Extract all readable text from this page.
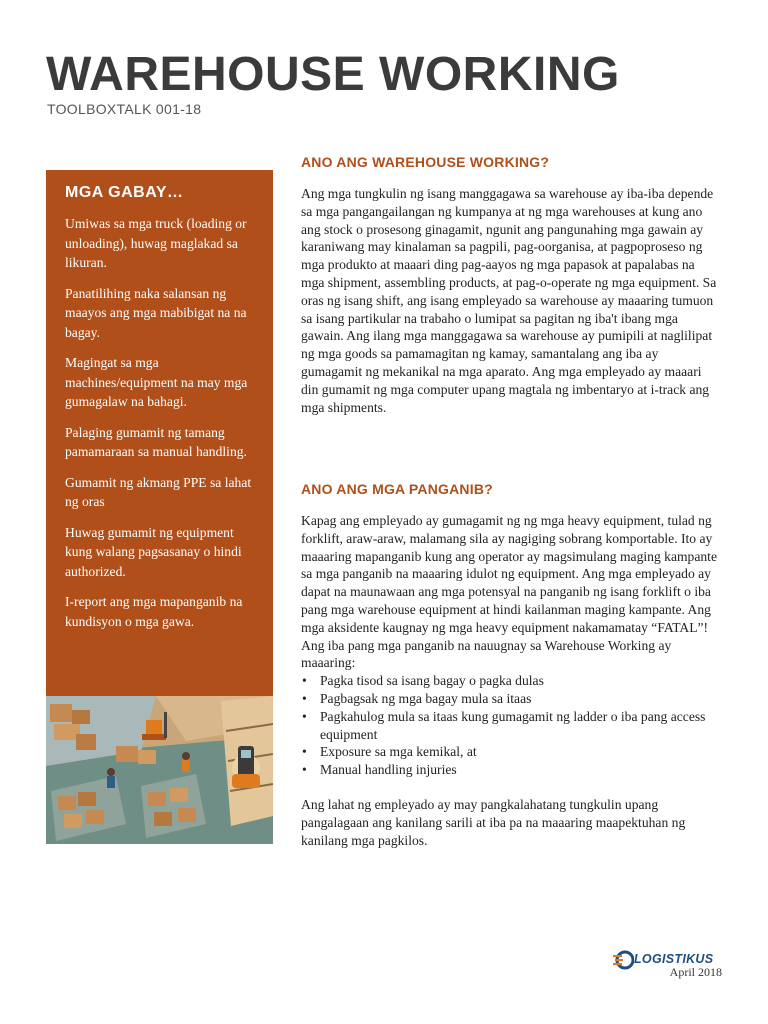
WAREHOUSE WORKING
TOOLBOXTALK 001-18
MGA GABAY…

Umiwas sa mga truck (loading or unloading), huwag maglakad sa likuran.

Panatilihing naka salansan ng maayos ang mga mabibigat na na bagay.

Magingat sa mga machines/equipment na may mga gumagalaw na bahagi.

Palaging gumamit ng tamang pamamaraan sa manual handling.

Gumamit ng akmang PPE sa lahat ng oras

Huwag gumamit ng equipment kung walang pagsasanay o hindi authorized.

I-report ang mga mapanganib na kundisyon o mga gawa.

ANO ANG WAREHOUSE WORKING?

Ang mga tungkulin ng isang manggagawa sa warehouse ay iba-iba depende sa mga pangangailangan ng kumpanya at ng mga warehouses at kung ano ang stock o prosesong ginagamit, ngunit ang pangunahing mga gawain ay karaniwang may kinalaman sa pagpili, pag-oorganisa, at pagpoproseso ng mga produkto at maaari ding pag-aayos ng mga papasok at papalabas na mga shipment, assembling products, at pag-o-operate ng mga equipment. Sa oras ng isang shift, ang isang empleyado sa warehouse ay maaaring tumuon sa isang partikular na trabaho o lumipat sa pagitan ng iba't ibang mga gawain. Ang ilang mga manggagawa sa warehouse ay pumipili at naglilipat ng mga goods sa pamamagitan ng kamay, samantalang ang iba ay gumagamit ng mekanikal na mga aparato. Ang mga empleyado ay maaari din gumamit ng mga computer upang magtala ng imbentaryo at i-track ang mga shipments.

ANO ANG MGA PANGANIB?

Kapag ang empleyado ay gumagamit ng ng mga heavy equipment, tulad ng forklift, araw-araw, malamang sila ay nagiging sobrang komportable. Ito ay maaaring mapanganib kung ang operator ay magsimulang maging kampante sa mga panganib na maaaring idulot ng equipment. Ang mga empleyado ay dapat na maunawaan ang mga potensyal na panganib ng isang forklift o iba pang mga warehouse equipment at hindi kailanman maging kampante. Ang mga aksidente kaugnay ng mga heavy equipment nakamamatay “FATAL”!

Ang iba pang mga panganib na nauugnay sa Warehouse Working ay maaaring:

• Pagka tisod sa isang bagay o pagka dulas
• Pagbagsak ng mga bagay mula sa itaas
• Pagkahulog mula sa itaas kung gumagamit ng ladder o iba pang access equipment
• Exposure sa mga kemikal, at
• Manual handling injuries

Ang lahat ng empleyado ay may pangkalahatang tungkulin upang pangalagaan ang kanilang sarili at iba pa na maaaring maapektuhan ng kanilang mga pagkilos.

LOGISTIKUS
April 2018
